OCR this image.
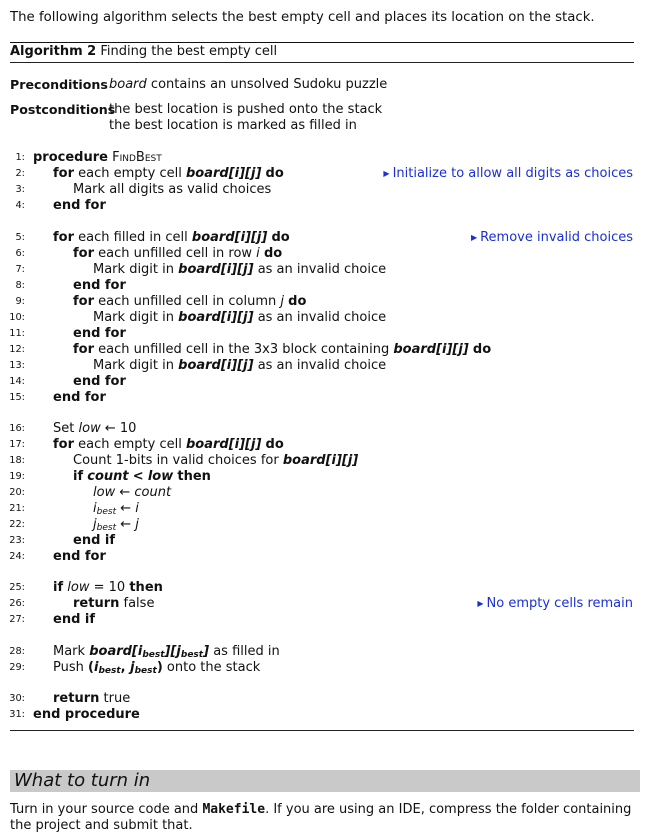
The following algorithm selects the best empty cell and places its location on the stack.
Algorithm 2 Finding the best empty cell
Preconditions board contains an unsolved Sudoku puzzle
Postconditions
the best location is pushed onto the stack
the best location is marked as filled in
1:
2:
3:
4:
5:
6:
7:
8:
9:
10:
11:
12:
13:
14:
15:
16:
17:
18:
19:
20:
21:
22:
23:
24:
25:
26:
27:
28:
29:
30:
31:
procedure FindBest
for each empty cell board[i][j] do	▶ Initialize to allow all digits as choices
Mark all digits as valid choices
end for
for each filled in cell board[i][j] do	▶ Remove invalid choices
for each unfilled cell in row i do
Mark digit in board[i][j] as an invalid choice
end for
for each unfilled cell in column j do
Mark digit in board[i][j] as an invalid choice
end for
for each unfilled cell in the 3x3 block containing board[i][j] do
Mark digit in board[i][j] as an invalid choice
end for
end for
Set low ← 10
for each empty cell board[i][j] do
Count 1-bits in valid choices for board[i][j]
if count < low then
low ← count
$i_{best}$ ← i
$j_{best}$ ← j
end if
end for
if low = 10 then
return false	▶ No empty cells remain
end if
Mark $board[i_{best}][j_{best}]$ as filled in
Push ($i_{best}$, $j_{best}$) onto the stack
return true
end procedure
What to turn in
Turn in your source code and Makefile. If you are using an IDE, compress the folder containing the project and submit that.
